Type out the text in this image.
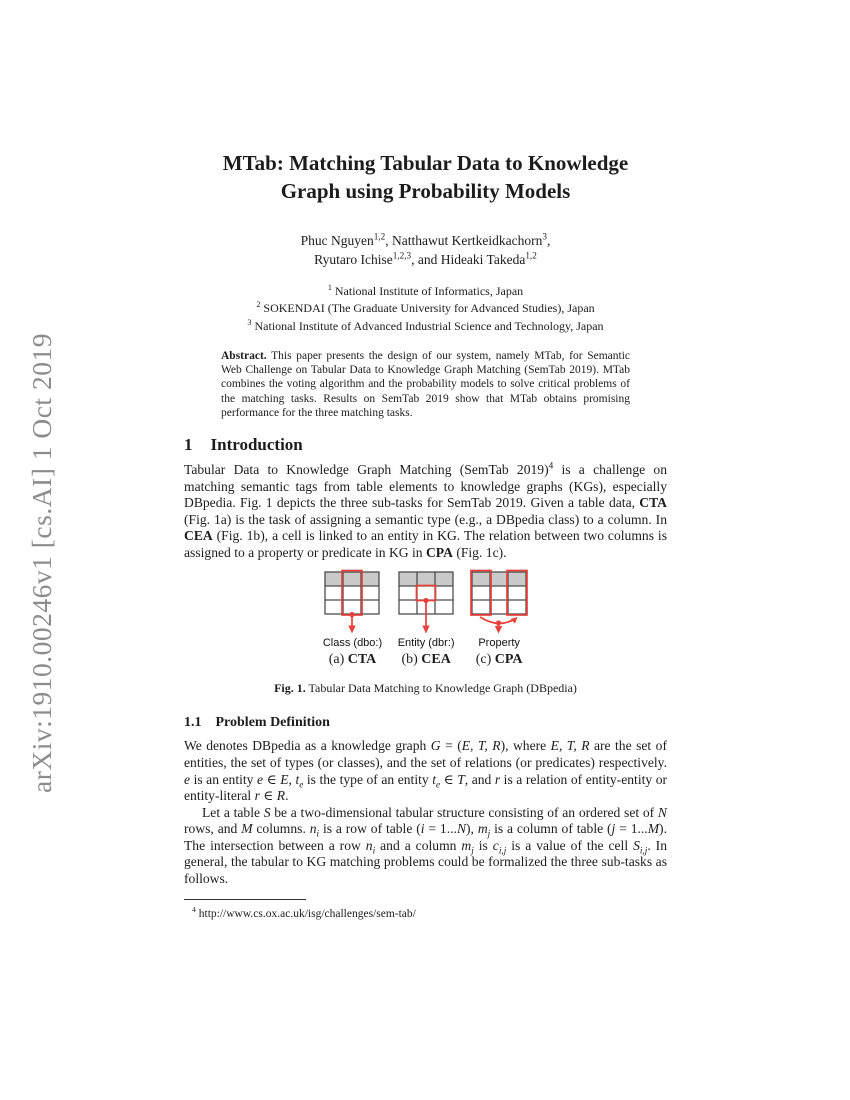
arXiv:1910.00246v1 [cs.AI] 1 Oct 2019
MTab: Matching Tabular Data to Knowledge
Graph using Probability Models
Phuc Nguyen$^{1,2}$, Natthawut Kertkeidkachorn$^3$,
Ryutaro Ichise$^{1,2,3}$, and Hideaki Takeda$^{1,2}$
$^1$ National Institute of Informatics, Japan
$^2$ SOKENDAI (The Graduate University for Advanced Studies), Japan
$^3$ National Institute of Advanced Industrial Science and Technology, Japan
Abstract. This paper presents the design of our system, namely MTab, for Semantic Web Challenge on Tabular Data to Knowledge Graph Matching (SemTab 2019). MTab combines the voting algorithm and the probability models to solve critical problems of the matching tasks. Results on SemTab 2019 show that MTab obtains promising performance for the three matching tasks.
1 Introduction

Tabular Data to Knowledge Graph Matching (SemTab 2019)$^4$ is a challenge on matching semantic tags from table elements to knowledge graphs (KGs), especially DBpedia. Fig. 1 depicts the three sub-tasks for SemTab 2019. Given a table data, CTA (Fig. 1a) is the task of assigning a semantic type (e.g., a DBpedia class) to a column. In CEA (Fig. 1b), a cell is linked to an entity in KG. The relation between two columns is assigned to a property or predicate in KG in CPA (Fig. 1c).

Class (dbo:)
(a) CTA
Entity (dbr:)
(b) CEA
Property
(c) CPA
Fig. 1. Tabular Data Matching to Knowledge Graph (DBpedia)
1.1 Problem Definition

We denotes DBpedia as a knowledge graph G = (E, T, R), where E, T, R are the set of entities, the set of types (or classes), and the set of relations (or predicates) respectively. e is an entity e ∈ E, $t_e$ is the type of an entity $t_e$ ∈ T, and r is a relation of entity-entity or entity-literal r ∈ R.

Let a table S be a two-dimensional tabular structure consisting of an ordered set of N rows, and M columns. $n_i$ is a row of table (i = 1...N), $m_j$ is a column of table (j = 1...M). The intersection between a row $n_i$ and a column $m_j$ is $c_{i,j}$ is a value of the cell $S_{i,j}$. In general, the tabular to KG matching problems could be formalized the three sub-tasks as follows.

$^4$ http://www.cs.ox.ac.uk/isg/challenges/sem-tab/
